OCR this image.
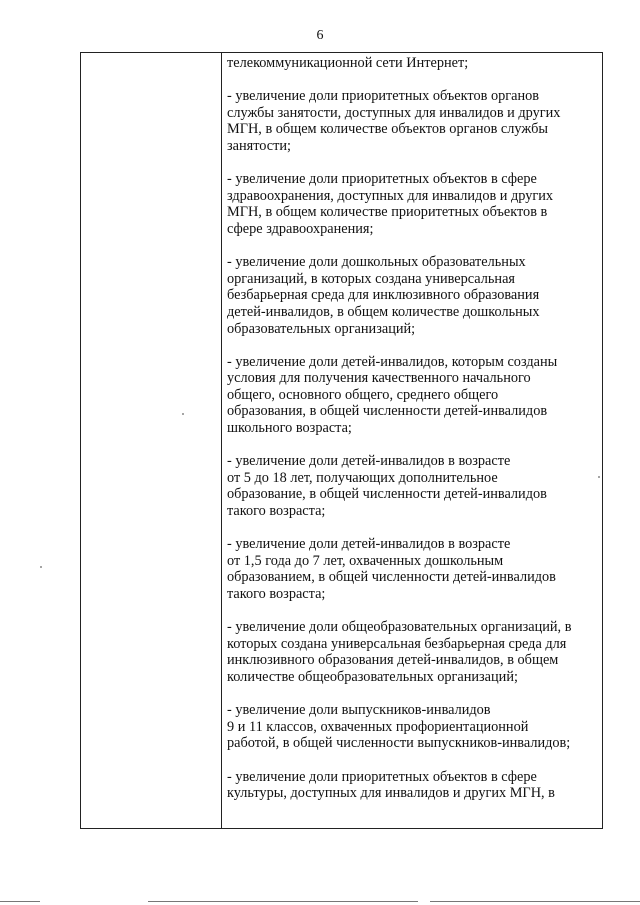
6
телекоммуникационной сети Интернет;
- увеличение доли приоритетных объектов органов
службы занятости, доступных для инвалидов и других
МГН, в общем количестве объектов органов службы
занятости;
- увеличение доли приоритетных объектов в сфере
здравоохранения, доступных для инвалидов и других
МГН, в общем количестве приоритетных объектов в
сфере здравоохранения;
- увеличение доли дошкольных образовательных
организаций, в которых создана универсальная
безбарьерная среда для инклюзивного образования
детей-инвалидов, в общем количестве дошкольных
образовательных организаций;
- увеличение доли детей-инвалидов, которым созданы
условия для получения качественного начального
общего, основного общего, среднего общего
образования, в общей численности детей-инвалидов
школьного возраста;
- увеличение доли детей-инвалидов в возрасте
от 5 до 18 лет, получающих дополнительное
образование, в общей численности детей-инвалидов
такого возраста;
- увеличение доли детей-инвалидов в возрасте
от 1,5 года до 7 лет, охваченных дошкольным
образованием, в общей численности детей-инвалидов
такого возраста;
- увеличение доли общеобразовательных организаций, в
которых создана универсальная безбарьерная среда для
инклюзивного образования детей-инвалидов, в общем
количестве общеобразовательных организаций;
- увеличение доли выпускников-инвалидов
9 и 11 классов, охваченных профориентационной
работой, в общей численности выпускников-инвалидов;
- увеличение доли приоритетных объектов в сфере
культуры, доступных для инвалидов и других МГН, в
